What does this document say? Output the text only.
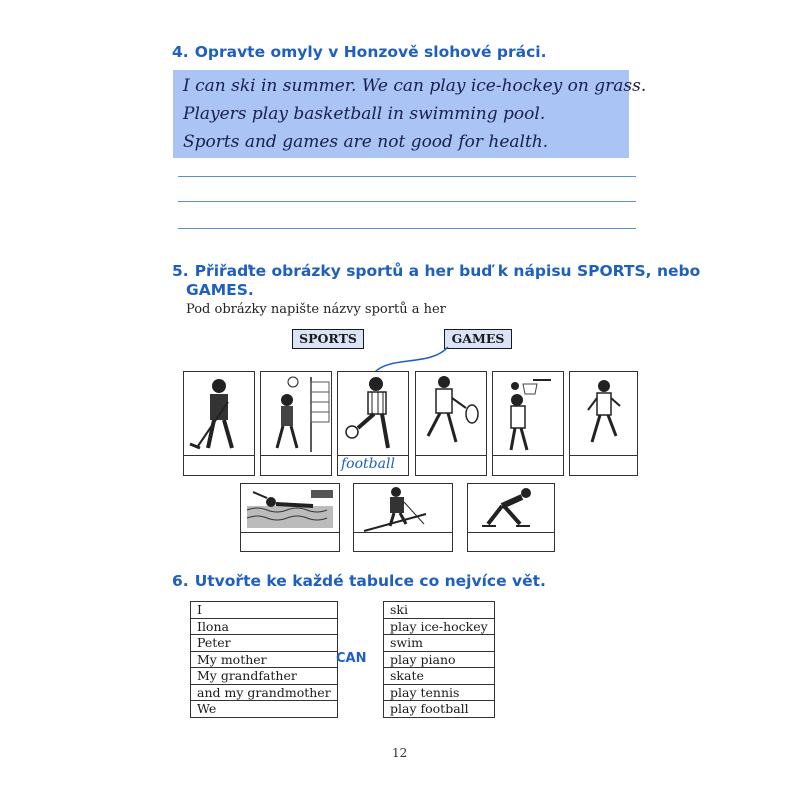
4. Opravte omyly v Honzově slohové práci.
I can ski in summer. We can play ice-hockey on grass.
Players play basketball in swimming pool.
Sports and games are not good for health.
5. Přiřaďte obrázky sportů a her buď k nápisu SPORTS, nebo
GAMES.
Pod obrázky napište názvy sportů a her
SPORTS	GAMES
football
6. Utvořte ke každé tabulce co nejvíce vět.
I
Ilona
Peter
My mother
My grandfather
and my grandmother
We
CAN
ski
play ice-hockey
swim
play piano
skate
play tennis
play football
12
